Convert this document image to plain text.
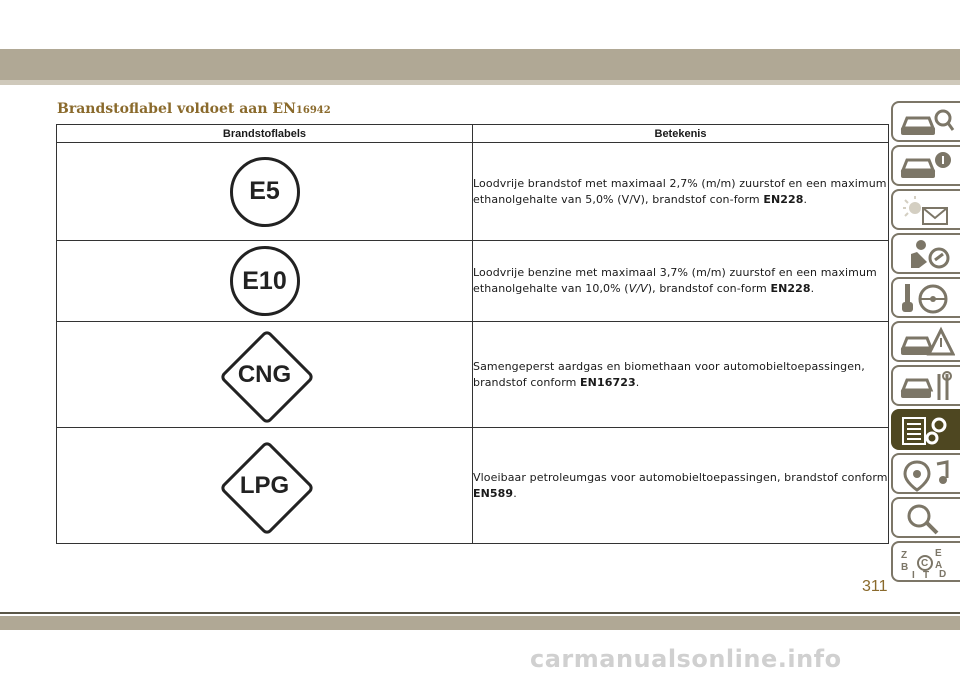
Brandstoflabel voldoet aan EN16942
Brandstoflabels	Betekenis

E5	Loodvrije brandstof met maximaal 2,7% (m/m) zuurstof en een maximum ethanolgehalte van 5,0% (V/V), brandstof con-form EN228.

E10	Loodvrije benzine met maximaal 3,7% (m/m) zuurstof en een maximum ethanolgehalte van 10,0% (V/V), brandstof con-form EN228.

CNG	Samengeperst aardgas en biomethaan voor automobieltoepassingen, brandstof conform EN16723.

LPG	Vloeibaar petroleumgas voor automobieltoepassingen, brandstof conform EN589.
Z
B
I
C
T
A
D
E
311
carmanualsonline.info
